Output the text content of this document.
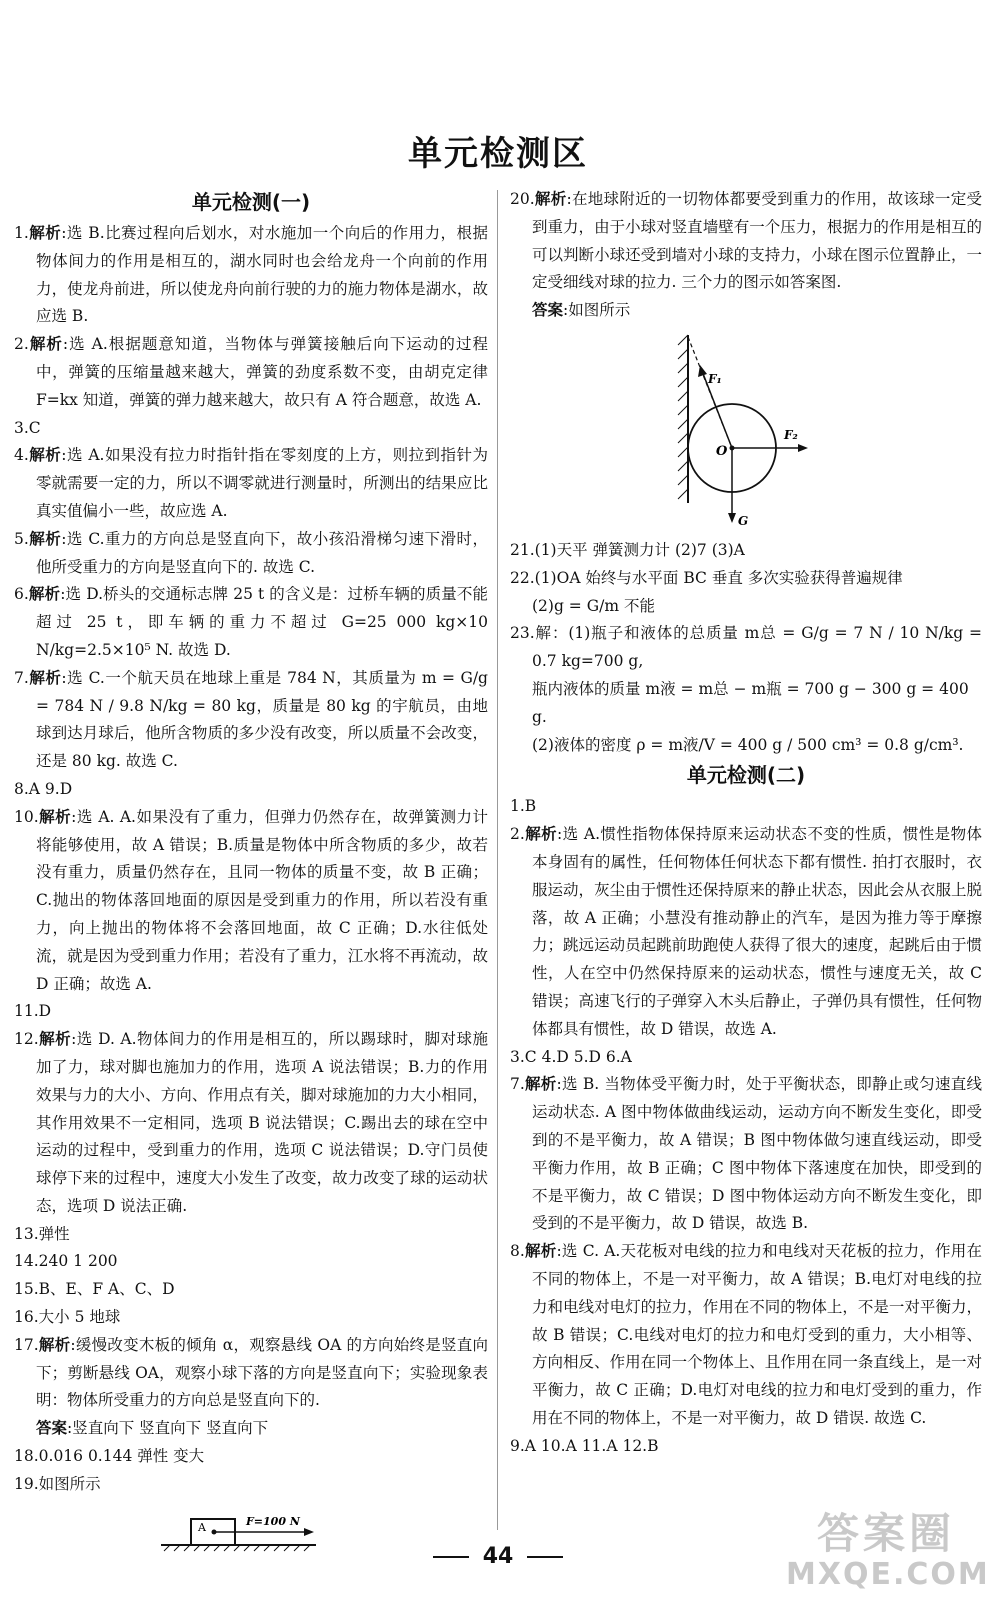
单元检测区
单元检测(一)
1.解析:选 B.比赛过程向后划水，对水施加一个向后的作用力，根据物体间力的作用是相互的，湖水同时也会给龙舟一个向前的作用力，使龙舟前进，所以使龙舟向前行驶的力的施力物体是湖水，故应选 B.
2.解析:选 A.根据题意知道，当物体与弹簧接触后向下运动的过程中，弹簧的压缩量越来越大，弹簧的劲度系数不变，由胡克定律 F=kx 知道，弹簧的弹力越来越大，故只有 A 符合题意，故选 A.
3.C
4.解析:选 A.如果没有拉力时指针指在零刻度的上方，则拉到指针为零就需要一定的力，所以不调零就进行测量时，所测出的结果应比真实值偏小一些，故应选 A.
5.解析:选 C.重力的方向总是竖直向下，故小孩沿滑梯匀速下滑时，他所受重力的方向是竖直向下的. 故选 C.
6.解析:选 D.桥头的交通标志牌 25 t 的含义是：过桥车辆的质量不能超过 25 t，即车辆的重力不超过 G=25 000 kg×10 N/kg=2.5×10⁵ N. 故选 D.
7.解析:选 C.一个航天员在地球上重是 784 N，其质量为 m = G/g = 784 N / 9.8 N/kg = 80 kg，质量是 80 kg 的宇航员，由地球到达月球后，他所含物质的多少没有改变，所以质量不会改变，还是 80 kg. 故选 C.
8.A 9.D
10.解析:选 A. A.如果没有了重力，但弹力仍然存在，故弹簧测力计将能够使用，故 A 错误；B.质量是物体中所含物质的多少，故若没有重力，质量仍然存在，且同一物体的质量不变，故 B 正确；C.抛出的物体落回地面的原因是受到重力的作用，所以若没有重力，向上抛出的物体将不会落回地面，故 C 正确；D.水往低处流，就是因为受到重力作用；若没有了重力，江水将不再流动，故 D 正确；故选 A.
11.D
12.解析:选 D. A.物体间力的作用是相互的，所以踢球时，脚对球施加了力，球对脚也施加力的作用，选项 A 说法错误；B.力的作用效果与力的大小、方向、作用点有关，脚对球施加的力大小相同，其作用效果不一定相同，选项 B 说法错误；C.踢出去的球在空中运动的过程中，受到重力的作用，选项 C 说法错误；D.守门员使球停下来的过程中，速度大小发生了改变，故力改变了球的运动状态，选项 D 说法正确.
13.弹性
14.240 1 200
15.B、E、F A、C、D
16.大小 5 地球
17.解析:缓慢改变木板的倾角 α，观察悬线 OA 的方向始终是竖直向下；剪断悬线 OA，观察小球下落的方向是竖直向下；实验现象表明：物体所受重力的方向总是竖直向下的.
答案:竖直向下 竖直向下 竖直向下
18.0.016 0.144 弹性 变大
19.如图所示
A	F=100 N
20.解析:在地球附近的一切物体都要受到重力的作用，故该球一定受到重力，由于小球对竖直墙壁有一个压力，根据力的作用是相互的可以判断小球还受到墙对小球的支持力，小球在图示位置静止，一定受细线对球的拉力. 三个力的图示如答案图.
答案:如图所示
F₁
F₂
O
G
21.(1)天平 弹簧测力计 (2)7 (3)A
22.(1)OA 始终与水平面 BC 垂直 多次实验获得普遍规律
(2)g = G/m 不能
23.解：(1)瓶子和液体的总质量 m总 = G/g = 7 N / 10 N/kg = 0.7 kg=700 g,
瓶内液体的质量 m液 = m总 − m瓶 = 700 g − 300 g = 400 g.
(2)液体的密度 ρ = m液/V = 400 g / 500 cm³ = 0.8 g/cm³.
单元检测(二)
1.B
2.解析:选 A.惯性指物体保持原来运动状态不变的性质，惯性是物体本身固有的属性，任何物体任何状态下都有惯性. 拍打衣服时，衣服运动，灰尘由于惯性还保持原来的静止状态，因此会从衣服上脱落，故 A 正确；小慧没有推动静止的汽车，是因为推力等于摩擦力；跳远运动员起跳前助跑使人获得了很大的速度，起跳后由于惯性，人在空中仍然保持原来的运动状态，惯性与速度无关，故 C 错误；高速飞行的子弹穿入木头后静止，子弹仍具有惯性，任何物体都具有惯性，故 D 错误，故选 A.
3.C 4.D 5.D 6.A
7.解析:选 B. 当物体受平衡力时，处于平衡状态，即静止或匀速直线运动状态. A 图中物体做曲线运动，运动方向不断发生变化，即受到的不是平衡力，故 A 错误；B 图中物体做匀速直线运动，即受平衡力作用，故 B 正确；C 图中物体下落速度在加快，即受到的不是平衡力，故 C 错误；D 图中物体运动方向不断发生变化，即受到的不是平衡力，故 D 错误，故选 B.
8.解析:选 C. A.天花板对电线的拉力和电线对天花板的拉力，作用在不同的物体上，不是一对平衡力，故 A 错误；B.电灯对电线的拉力和电线对电灯的拉力，作用在不同的物体上，不是一对平衡力，故 B 错误；C.电线对电灯的拉力和电灯受到的重力，大小相等、方向相反、作用在同一个物体上、且作用在同一条直线上，是一对平衡力，故 C 正确；D.电灯对电线的拉力和电灯受到的重力，作用在不同的物体上，不是一对平衡力，故 D 错误. 故选 C.
9.A 10.A 11.A 12.B
44	答案圈
MXQE.COM
